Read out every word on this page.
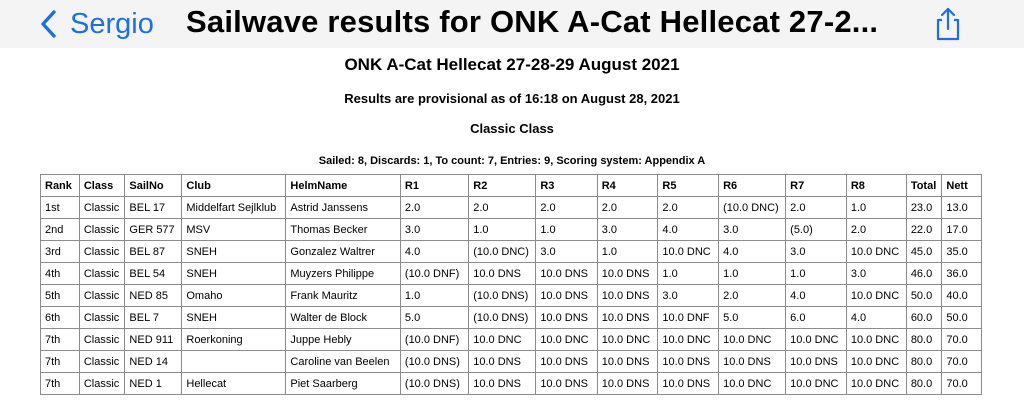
Sergio Sailwave results for ONK A-Cat Hellecat 27-2...
ONK A-Cat Hellecat 27-28-29 August 2021
Results are provisional as of 16:18 on August 28, 2021
Classic Class
Sailed: 8, Discards: 1, To count: 7, Entries: 9, Scoring system: Appendix A
Rank	Class	SailNo	Club	HelmName	R1	R2	R3	R4	R5	R6	R7	R8	Total	Nett
1st	Classic	BEL 17	Middelfart Sejlklub	Astrid Janssens	2.0	2.0	2.0	2.0	2.0	(10.0 DNC)	2.0	1.0	23.0	13.0
2nd	Classic	GER 577	MSV	Thomas Becker	3.0	1.0	1.0	3.0	4.0	3.0	(5.0)	2.0	22.0	17.0
3rd	Classic	BEL 87	SNEH	Gonzalez Waltrer	4.0	(10.0 DNC)	3.0	1.0	10.0 DNC	4.0	3.0	10.0 DNC	45.0	35.0
4th	Classic	BEL 54	SNEH	Muyzers Philippe	(10.0 DNF)	10.0 DNS	10.0 DNS	10.0 DNS	1.0	1.0	1.0	3.0	46.0	36.0
5th	Classic	NED 85	Omaho	Frank Mauritz	1.0	(10.0 DNS)	10.0 DNS	10.0 DNS	3.0	2.0	4.0	10.0 DNC	50.0	40.0
6th	Classic	BEL 7	SNEH	Walter de Block	5.0	(10.0 DNS)	10.0 DNS	10.0 DNS	10.0 DNF	5.0	6.0	4.0	60.0	50.0
7th	Classic	NED 911	Roerkoning	Juppe Hebly	(10.0 DNF)	10.0 DNC	10.0 DNC	10.0 DNC	10.0 DNC	10.0 DNC	10.0 DNC	10.0 DNC	80.0	70.0
7th	Classic	NED 14		Caroline van Beelen	(10.0 DNS)	10.0 DNS	10.0 DNS	10.0 DNS	10.0 DNS	10.0 DNS	10.0 DNS	10.0 DNC	80.0	70.0
7th	Classic	NED 1	Hellecat	Piet Saarberg	(10.0 DNS)	10.0 DNS	10.0 DNS	10.0 DNS	10.0 DNS	10.0 DNC	10.0 DNC	10.0 DNC	80.0	70.0
